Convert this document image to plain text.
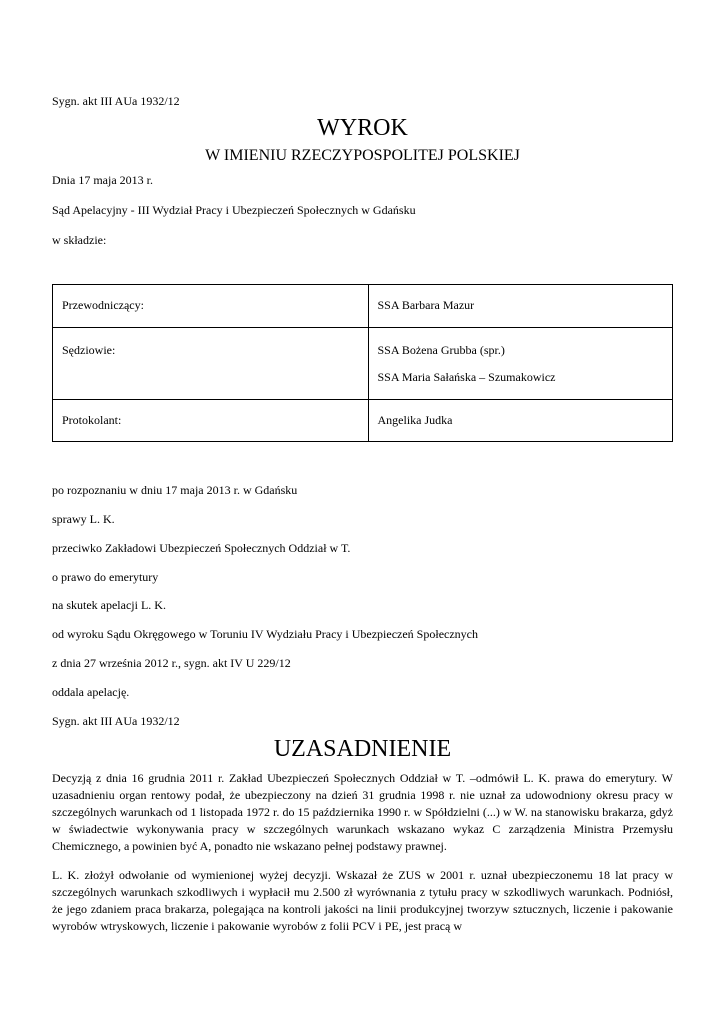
Sygn. akt III AUa 1932/12

WYROK
W IMIENIU RZECZYPOSPOLITEJ POLSKIEJ

Dnia 17 maja 2013 r.

Sąd Apelacyjny - III Wydział Pracy i Ubezpieczeń Społecznych w Gdańsku

w składzie:

Przewodniczący:	SSA Barbara Mazur

Sędziowie:	SSA Bożena Grubba (spr.)
SSA Maria Sałańska – Szumakowicz

Protokolant:	Angelika Judka

po rozpoznaniu w dniu 17 maja 2013 r. w Gdańsku

sprawy L. K.

przeciwko Zakładowi Ubezpieczeń Społecznych Oddział w T.

o prawo do emerytury

na skutek apelacji L. K.

od wyroku Sądu Okręgowego w Toruniu IV Wydziału Pracy i Ubezpieczeń Społecznych

z dnia 27 września 2012 r., sygn. akt IV U 229/12

oddala apelację.

Sygn. akt III AUa 1932/12

UZASADNIENIE

Decyzją z dnia 16 grudnia 2011 r. Zakład Ubezpieczeń Społecznych Oddział w T. –odmówił L. K. prawa do emerytury. W uzasadnieniu organ rentowy podał, że ubezpieczony na dzień 31 grudnia 1998 r. nie uznał za udowodniony okresu pracy w szczególnych warunkach od 1 listopada 1972 r. do 15 października 1990 r. w Spółdzielni (...) w W. na stanowisku brakarza, gdyż w świadectwie wykonywania pracy w szczególnych warunkach wskazano wykaz C zarządzenia Ministra Przemysłu Chemicznego, a powinien być A, ponadto nie wskazano pełnej podstawy prawnej.

L. K. złożył odwołanie od wymienionej wyżej decyzji. Wskazał że ZUS w 2001 r. uznał ubezpieczonemu 18 lat pracy w szczególnych warunkach szkodliwych i wypłacił mu 2.500 zł wyrównania z tytułu pracy w szkodliwych warunkach. Podniósł, że jego zdaniem praca brakarza, polegająca na kontroli jakości na linii produkcyjnej tworzyw sztucznych, liczenie i pakowanie wyrobów wtryskowych, liczenie i pakowanie wyrobów z folii PCV i PE, jest pracą w
